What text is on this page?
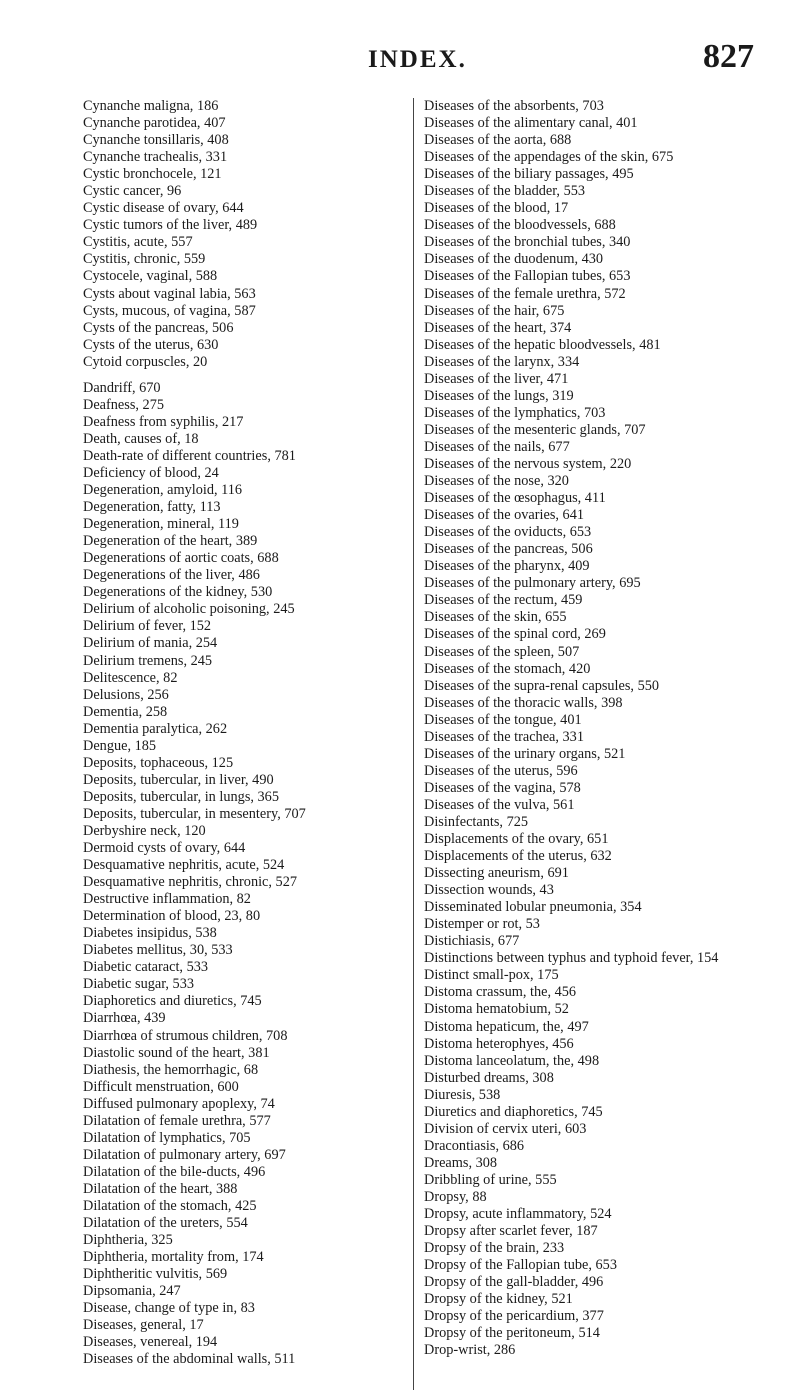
INDEX.	827
Cynanche maligna, 186
Cynanche parotidea, 407
Cynanche tonsillaris, 408
Cynanche trachealis, 331
Cystic bronchocele, 121
Cystic cancer, 96
Cystic disease of ovary, 644
Cystic tumors of the liver, 489
Cystitis, acute, 557
Cystitis, chronic, 559
Cystocele, vaginal, 588
Cysts about vaginal labia, 563
Cysts, mucous, of vagina, 587
Cysts of the pancreas, 506
Cysts of the uterus, 630
Cytoid corpuscles, 20
Dandriff, 670
Deafness, 275
Deafness from syphilis, 217
Death, causes of, 18
Death-rate of different countries, 781
Deficiency of blood, 24
Degeneration, amyloid, 116
Degeneration, fatty, 113
Degeneration, mineral, 119
Degeneration of the heart, 389
Degenerations of aortic coats, 688
Degenerations of the liver, 486
Degenerations of the kidney, 530
Delirium of alcoholic poisoning, 245
Delirium of fever, 152
Delirium of mania, 254
Delirium tremens, 245
Delitescence, 82
Delusions, 256
Dementia, 258
Dementia paralytica, 262
Dengue, 185
Deposits, tophaceous, 125
Deposits, tubercular, in liver, 490
Deposits, tubercular, in lungs, 365
Deposits, tubercular, in mesentery, 707
Derbyshire neck, 120
Dermoid cysts of ovary, 644
Desquamative nephritis, acute, 524
Desquamative nephritis, chronic, 527
Destructive inflammation, 82
Determination of blood, 23, 80
Diabetes insipidus, 538
Diabetes mellitus, 30, 533
Diabetic cataract, 533
Diabetic sugar, 533
Diaphoretics and diuretics, 745
Diarrhœa, 439
Diarrhœa of strumous children, 708
Diastolic sound of the heart, 381
Diathesis, the hemorrhagic, 68
Difficult menstruation, 600
Diffused pulmonary apoplexy, 74
Dilatation of female urethra, 577
Dilatation of lymphatics, 705
Dilatation of pulmonary artery, 697
Dilatation of the bile-ducts, 496
Dilatation of the heart, 388
Dilatation of the stomach, 425
Dilatation of the ureters, 554
Diphtheria, 325
Diphtheria, mortality from, 174
Diphtheritic vulvitis, 569
Dipsomania, 247
Disease, change of type in, 83
Diseases, general, 17
Diseases, venereal, 194
Diseases of the abdominal walls, 511
Diseases of the absorbents, 703
Diseases of the alimentary canal, 401
Diseases of the aorta, 688
Diseases of the appendages of the skin, 675
Diseases of the biliary passages, 495
Diseases of the bladder, 553
Diseases of the blood, 17
Diseases of the bloodvessels, 688
Diseases of the bronchial tubes, 340
Diseases of the duodenum, 430
Diseases of the Fallopian tubes, 653
Diseases of the female urethra, 572
Diseases of the hair, 675
Diseases of the heart, 374
Diseases of the hepatic bloodvessels, 481
Diseases of the larynx, 334
Diseases of the liver, 471
Diseases of the lungs, 319
Diseases of the lymphatics, 703
Diseases of the mesenteric glands, 707
Diseases of the nails, 677
Diseases of the nervous system, 220
Diseases of the nose, 320
Diseases of the œsophagus, 411
Diseases of the ovaries, 641
Diseases of the oviducts, 653
Diseases of the pancreas, 506
Diseases of the pharynx, 409
Diseases of the pulmonary artery, 695
Diseases of the rectum, 459
Diseases of the skin, 655
Diseases of the spinal cord, 269
Diseases of the spleen, 507
Diseases of the stomach, 420
Diseases of the supra-renal capsules, 550
Diseases of the thoracic walls, 398
Diseases of the tongue, 401
Diseases of the trachea, 331
Diseases of the urinary organs, 521
Diseases of the uterus, 596
Diseases of the vagina, 578
Diseases of the vulva, 561
Disinfectants, 725
Displacements of the ovary, 651
Displacements of the uterus, 632
Dissecting aneurism, 691
Dissection wounds, 43
Disseminated lobular pneumonia, 354
Distemper or rot, 53
Distichiasis, 677
Distinctions between typhus and typhoid fever, 154
Distinct small-pox, 175
Distoma crassum, the, 456
Distoma hematobium, 52
Distoma hepaticum, the, 497
Distoma heterophyes, 456
Distoma lanceolatum, the, 498
Disturbed dreams, 308
Diuresis, 538
Diuretics and diaphoretics, 745
Division of cervix uteri, 603
Dracontiasis, 686
Dreams, 308
Dribbling of urine, 555
Dropsy, 88
Dropsy, acute inflammatory, 524
Dropsy after scarlet fever, 187
Dropsy of the brain, 233
Dropsy of the Fallopian tube, 653
Dropsy of the gall-bladder, 496
Dropsy of the kidney, 521
Dropsy of the pericardium, 377
Dropsy of the peritoneum, 514
Drop-wrist, 286
